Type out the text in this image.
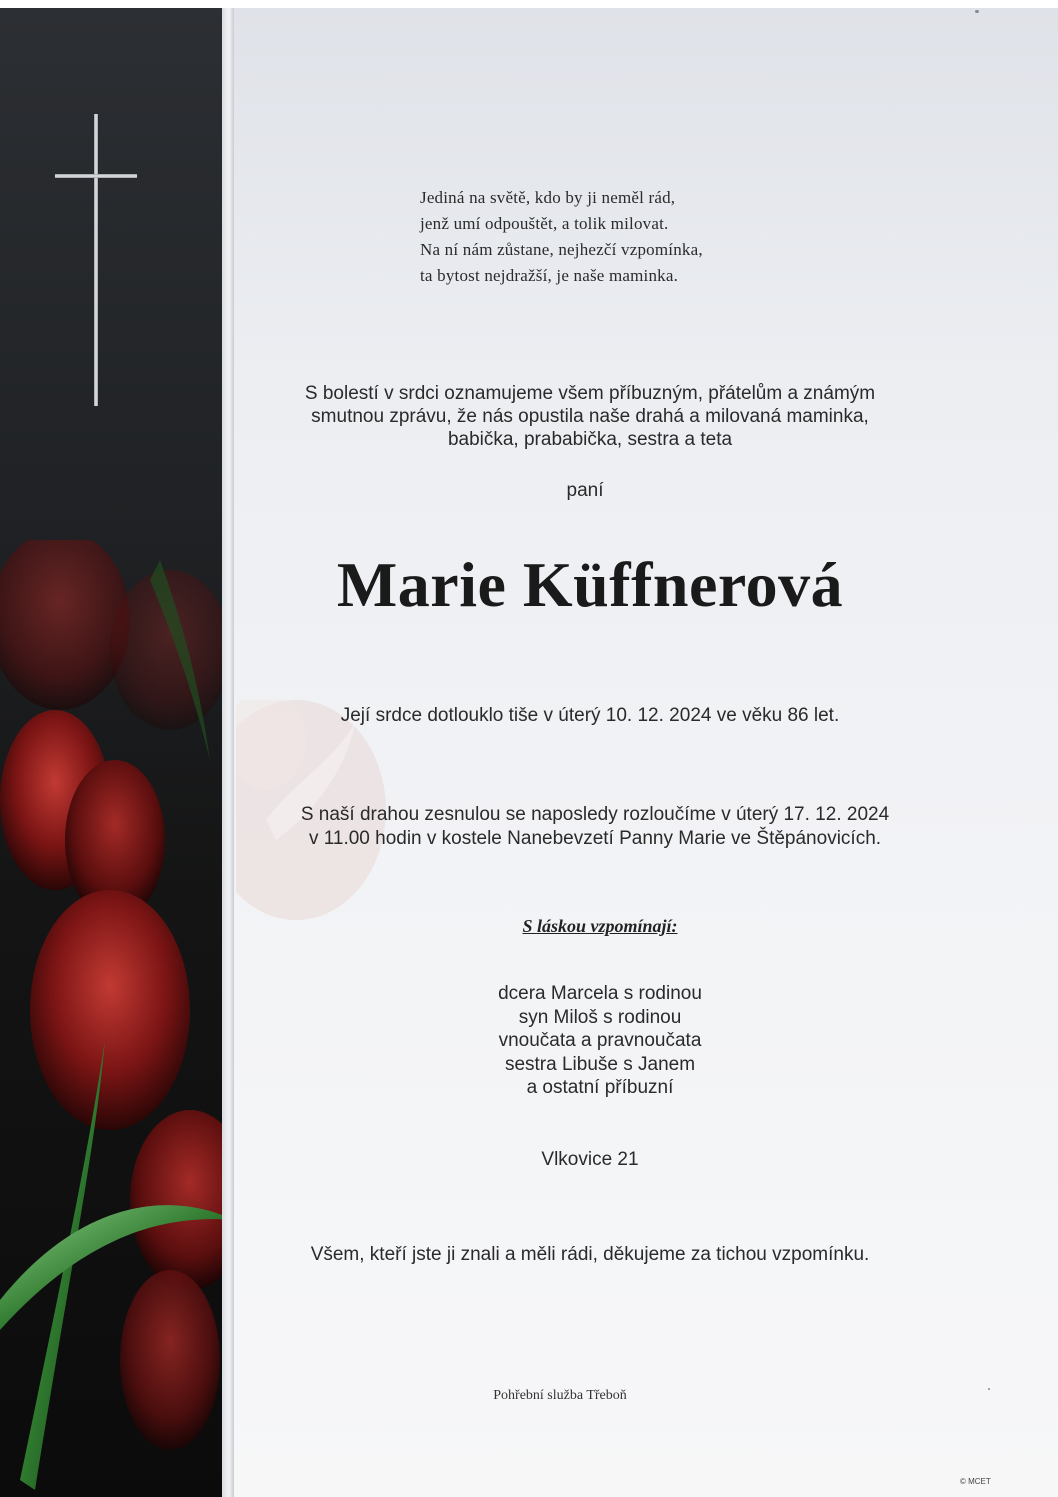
Jediná na světě, kdo by ji neměl rád,
jenž umí odpouštět, a tolik milovat.
Na ní nám zůstane, nejhezčí vzpomínka,
ta bytost nejdražší, je naše maminka.
S bolestí v srdci oznamujeme všem příbuzným, přátelům a známým
smutnou zprávu, že nás opustila naše drahá a milovaná maminka,
babička, prababička, sestra a teta
paní
Marie Küffnerová
Její srdce dotlouklo tiše v úterý 10. 12. 2024 ve věku 86 let.
S naší drahou zesnulou se naposledy rozloučíme v úterý 17. 12. 2024
v 11.00 hodin v kostele Nanebevzetí Panny Marie ve Štěpánovicích.
S láskou vzpomínají:
dcera Marcela s rodinou
syn Miloš s rodinou
vnoučata a pravnoučata
sestra Libuše s Janem
a ostatní příbuzní
Vlkovice 21
Všem, kteří jste ji znali a měli rádi, děkujeme za tichou vzpomínku.
Pohřební služba Třeboň
© MCET
